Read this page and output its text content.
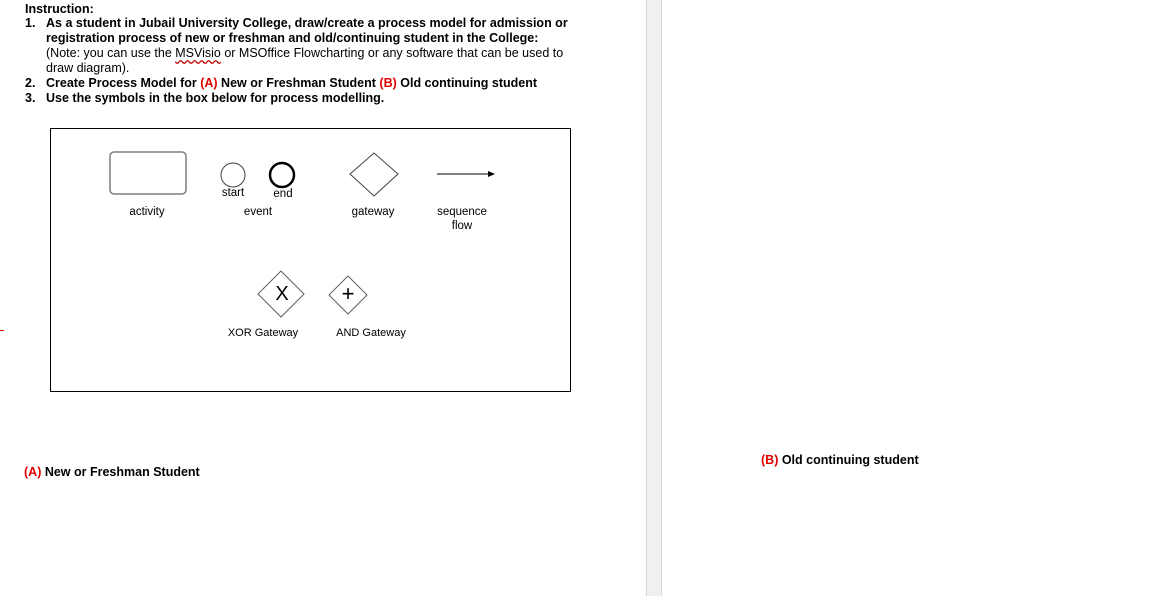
Instruction:
1. As a student in Jubail University College, draw/create a process model for admission or registration process of new or freshman and old/continuing student in the College:
(Note: you can use the MSVisio or MSOffice Flowcharting or any software that can be used to draw diagram).
2. Create Process Model for (A) New or Freshman Student (B) Old continuing student
3. Use the symbols in the box below for process modelling.
X +
activity
start	end
event	gateway	sequence
flow
XOR Gateway	AND Gateway
(A) New or Freshman Student
(B) Old continuing student
